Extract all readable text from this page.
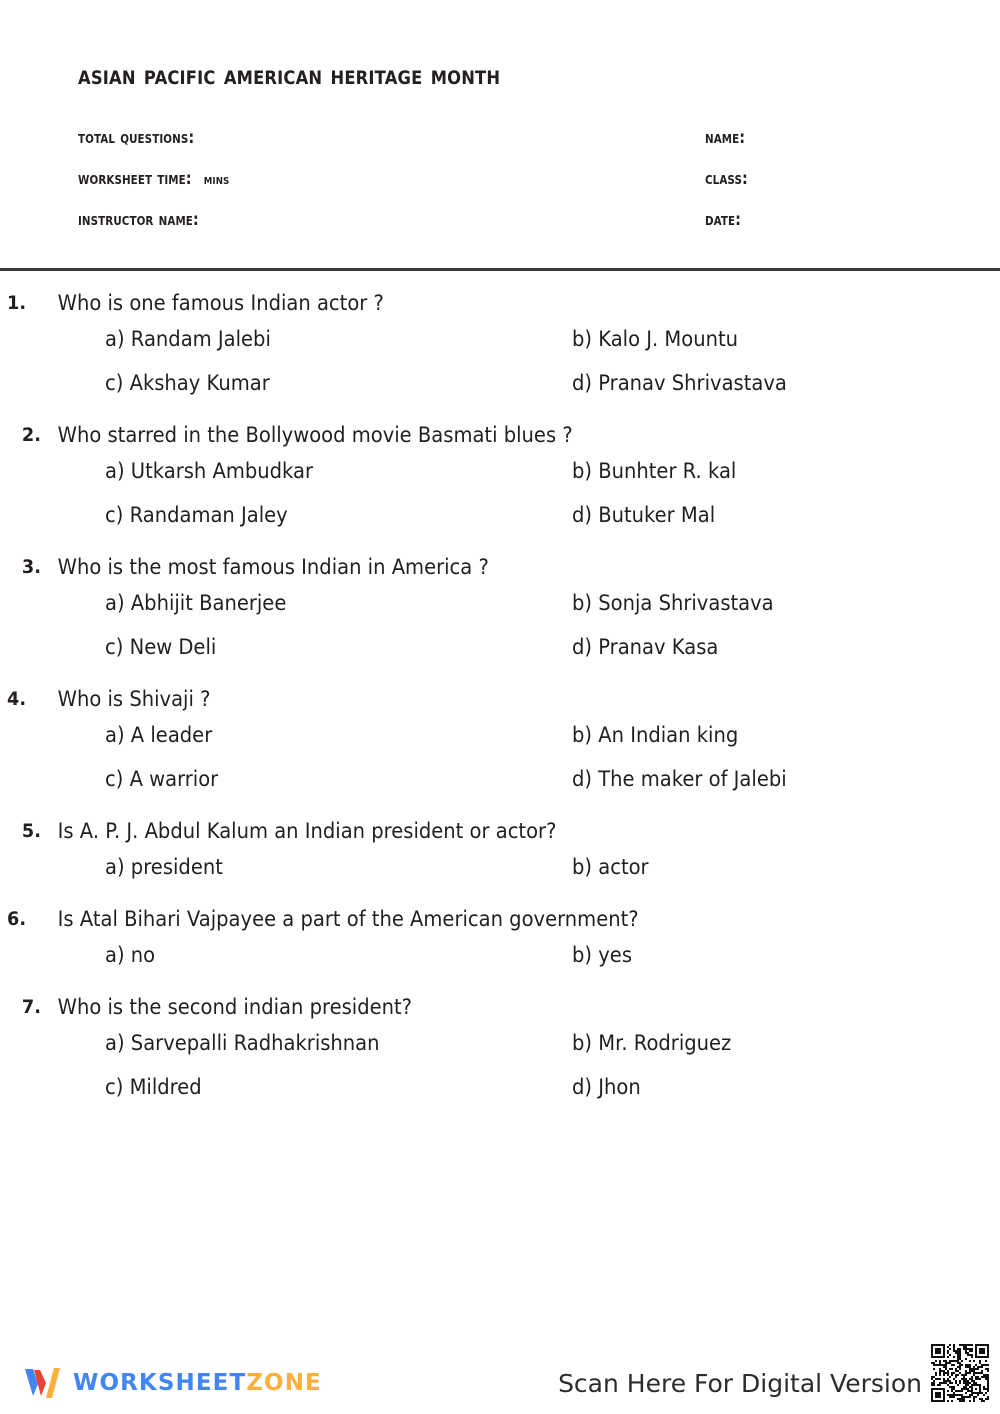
asian pacific american heritage month
total questions:	name:
worksheet time: mins	class:
instructor name:	date:
1. Who is one famous Indian actor ?
a) Randam Jalebi	b) Kalo J. Mountu
c) Akshay Kumar	d) Pranav Shrivastava
2. Who starred in the Bollywood movie Basmati blues ?
a) Utkarsh Ambudkar	b) Bunhter R. kal
c) Randaman Jaley	d) Butuker Mal
3. Who is the most famous Indian in America ?
a) Abhijit Banerjee	b) Sonja Shrivastava
c) New Deli	d) Pranav Kasa
4. Who is Shivaji ?
a) A leader	b) An Indian king
c) A warrior	d) The maker of Jalebi
5. Is A. P. J. Abdul Kalum an Indian president or actor?
a) president	b) actor
6. Is Atal Bihari Vajpayee a part of the American government?
a) no	b) yes
7. Who is the second indian president?
a) Sarvepalli Radhakrishnan	b) Mr. Rodriguez
c) Mildred	d) Jhon
WORKSHEETZONE	Scan Here For Digital Version
